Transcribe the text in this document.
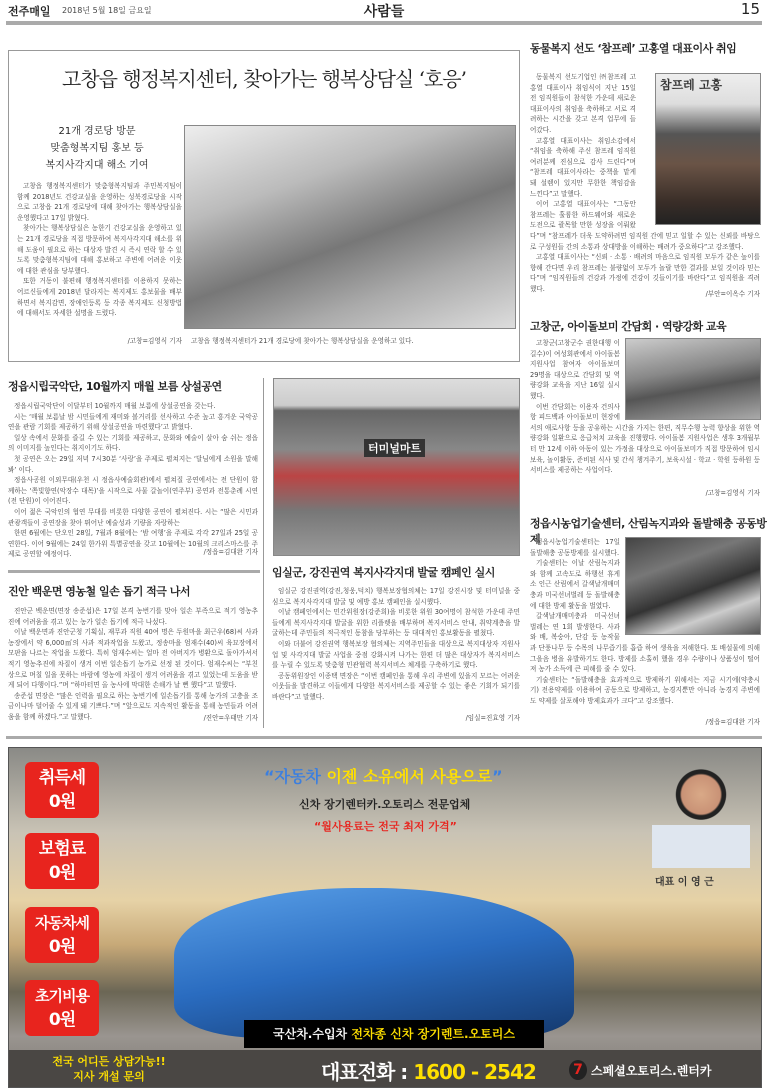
전주매일 2018년 5월 18일 금요일	사람들	15
고창읍 행정복지센터, 찾아가는 행복상담실 ‘호응’
21개 경로당 방문
맞춤형복지팀 홍보 등
복지사각지대 해소 기여

고창읍 행정복지센터가 맞춤형복지팀과 주민복지팀이 함께 2018년도 건강교실을 운영하는 성북경로당을 시작으로 고창읍 21개 경로당에 대해 찾아가는 행복상담실을 운영했다고 17일 밝혔다.

찾아가는 행복상담실은 농한기 건강교실을 운영하고 있는 21개 경로당을 직접 방문하여 복지사각지대 해소를 위해 도움이 필요로 하는 대상자 발견 시 즉시 연락 할 수 있도록 맞춤형복지팀에 대해 홍보하고 주변에 어려운 이웃에 대한 관심을 당부했다.

또한 거동이 불편해 행정복지센터를 이용하지 못하는 어르신들에게 2018년 달라지는 복지제도 홍보물을 배부하면서 복지감면, 장애인등록 등 각종 복지제도 신청방법에 대해서도 자세한 설명을 드렸다.

/고창=김영식 기자 고창읍 행정복지센터가 21개 경로당에 찾아가는 행복상담실을 운영하고 있다.
정읍시립국악단, 10월까지 매월 보름 상설공연

정읍시립국악단이 이달부터 10월까지 매월 보름에 상설공연을 갖는다.

시는 ‘매월 보름날 밤 시민들에게 재미와 볼거리를 선사하고 수준 높고 흥겨운 국악공연을 관람 기회를 제공하기 위해 상설공연을 마련했다’고 밝혔다.

일상 속에서 문화를 즐길 수 있는 기회를 제공하고, 문화와 예술이 살아 숨 쉬는 정읍의 이미지를 높인다는 취지이기도 하다.

첫 공연은 오는 29일 저녁 7시30분 ‘사랑’을 주제로 펼쳐지는 ‘달님에게 소원을 말해 봐’ 이다.

정읍사공원 이외무대(우천 시 정읍사예술회관)에서 펼쳐질 공연에서는 전 단원이 함께하는 ‘쪽빛향연(악장수 대목)’을 시작으로 사물 갈놀이(연주부) 공연과 전통춘례 시연(전 단원)이 이어진다.

이어 젊은 국악인의 협연 무대를 비롯한 다양한 공연이 펼쳐진다. 시는 “많은 시민과 관광객들이 공연장을 찾아 뛰어난 예술성과 기량을 자랑하는

한편 6월에는 단오인 28일, 7월과 8월에는 ‘밤 여행’을 주제로 각각 27일과 25일 공연한다. 이어 9월에는 24일 한가위 특별공연을 갖고 10월에는 10월의 크리스마스를 주제로 공연할 예정이다.	/정읍=김대완 기자
터미널마트
진안 백운면 영농철 일손 돕기 적극 나서

진안군 백운면(면장 송준섭)은 17일 본격 농번기를 맞아 일손 부족으로 적기 영농추진에 어려움을 겪고 있는 농가 일손 돕기에 적극 나섰다.

이날 백운면과 진안군청 기획실, 재무과 직원 40여 명은 두원마을 최근우(68)씨 사과농장에서 약 6,000㎡의 사과 적과작업을 도왔고, 정송마을 엄재수(40)씨 육묘장에서 모판을 나르는 작업을 도왔다. 특히 엄재수씨는 얼마 전 아버지가 병환으로 돌아가셔서 적기 영농추진에 차질이 생겨 이번 일손돕기 농가로 선정 된 것이다. 엄재수씨는 “부친상으로 며칠 일을 못하는 바람에 영농에 차질이 생겨 어려움을 겪고 있었는데 도움을 받게 되어 다행이다.”며 “하마터면 올 농사에 막대한 손해가 날 뻔 했다”고 말했다.

송준섭 면장은 “많은 인력을 필요로 하는 농번기에 일손돕기를 통해 농가의 고충을 조금이나마 덜어줄 수 있게 돼 기쁘다.”며 “앞으로도 지속적인 활동을 통해 농민들과 어려움을 함께 하겠다.”고 말했다.	/진안=우태만 기자
임실군, 강진권역 복지사각지대 발굴 캠페인 실시

임실군 강진권역(강진,청웅,덕치) 행복보장협의체는 17일 강진시장 및 터미널을 중심으로 복지사각지대 발굴 및 예방 홍보 캠페인을 실시했다.

이날 캠페인에서는 민간위원장(강준희)을 비롯한 위원 30여명이 참석한 가운데 주민들에게 복지사각지대 발굴을 위한 리플렛을 배부하며 복지서비스 안내, 취약계층을 발굴하는데 주민들의 적극적인 동참을 당부하는 등 대대적인 홍보활동을 펼쳤다.

이와 더불어 강진권역 행복보장 협의체는 지역주민들을 대상으로 복지대상자 지원사업 및 사각지대 발굴 사업을 중점 강화시켜 나가는 한편 더 많은 대상자가 복지서비스를 누릴 수 있도록 맞춤형 민관협력 복지서비스 체계를 구축하기로 했다.

공동위원장인 이종택 면장은 “이번 캠페인을 통해 우리 주변에 있을지 모르는 어려운 이웃들을 발견하고 이들에게 다양한 복지서비스를 제공할 수 있는 좋은 기회가 되기를 바란다”고 말했다.

/임실=진효영 기자
동물복지 선도 ‘참프레’ 고홍열 대표이사 취임
참프레 고홍

동물복지 선도기업인 ㈜참프레 고홍열 대표이사 취임식이 지난 15일 전 임직원들이 참석한 가운데 새로운 대표이사의 취임을 축하하고 서로 격려하는 시간을 갖고 본격 업무에 들어갔다.

고홍열 대표이사는 취임소감에서 “취임을 축하해 주신 참프레 임직원 여러분께 진심으로 감사 드린다”며 “참프레 대표이사라는 중책을 맡게 돼 설렘이 있지만 무한한 책임감을 느낀다”고 말했다.

이어 고홍열 대표이사는 “그동안 참프레는 훌륭한 하드웨어와 새로운 도전으로 괄목할 만한 성장을 이뤄왔다”며 “참프레가 더욱 도약하려면 임직원 간에 믿고 일할 수 있는 신뢰를 바탕으로 구성원들 간의 소통과 상대방을 이해하는 배려가 중요하다”고 강조했다.

고홍열 대표이사는 “신뢰 · 소통 · 배려의 마음으로 임직원 모두가 같은 높이를 향해 간다면 우리 참프레는 불량없이 모두가 놀랄 만한 결과를 보일 것이라 믿는다”며 “임직원들의 건강과 가정에 건강이 깃들이기를 바란다”고 임직원을 격려했다.

/부안=이옥수 기자
고창군, 아이돌보미 간담회 · 역량강화 교육

고창군(고창군수 권한대행 이길수)이 여성회관에서 아이돌봄 지원사업 참여자 아이돌보미 29명을 대상으로 간담회 및 역량강화 교육을 지난 16일 실시했다.

이번 간담회는 이용자 건의사항 피드백과 아이돌보미 현장에서의 애로사항 등을 공유하는 시간을 가지는 한편, 직무수행 능력 향상을 위한 역량강화 일환으로 응급처치 교육을 진행했다. 아이돌봄 지원사업은 생후 3개월부터 만 12세 이하 아동이 있는 가정을 대상으로 아이돌보미가 직접 방문하여 임시 보육, 놀이활동, 준비된 식사 및 간식 챙겨주기, 보육시설 · 학교 · 학원 등하원 등 서비스를 제공하는 사업이다.

/고창=김영식 기자
정읍시농업기술센터, 산림녹지과와 돌발해충 공동방제

정읍시농업기술센터는 17일 돌발해충 공동방제를 실시했다.

기술센터는 이날 산림녹지과와 함께 고속도로 하행선 휴게소 인근 산림에서 갈색날개매미충과 미국선녀벌레 등 돌발해충에 대한 방제 활동을 벌였다.

갈색날개매미충과 미국선녀벌레는 연 1회 발생한다. 사과와 배, 복숭아, 단감 등 농작물과 단풍나무 등 수목의 나무즙기를 흡즙 하여 생육을 저해한다. 또 배설물에 의해 그을음 병을 유발하기도 한다. 방제를 소홀히 했을 경우 수량이나 상품성이 떨어져 농가 소득에 큰 피해를 줄 수 있다.

기술센터는 “돌발해충을 효과적으로 방제하기 위해서는 지금 시기에(약충시기) 전용약제를 이용하여 공동으로 방제하고, 농경지뿐만 아니라 농경지 주변에도 약제를 살포해야 방제효과가 크다”고 강조했다.

/정읍=김대완 기자
취득세
0원
보험료
0원
자동차세
0원
초기비용
0원
“자동차 이젠 소유에서 사용으로”
신차 장기렌터카.오토리스 전문업체
“월사용료는 전국 최저 가격”
대표 이 영 근
국산차.수입차 전차종 신차 장기렌트.오토리스
전국 어디든 상담가능!!
지사 개설 문의	대표전화 : 1600 - 2542	7 스페셜오토리스.렌터카
